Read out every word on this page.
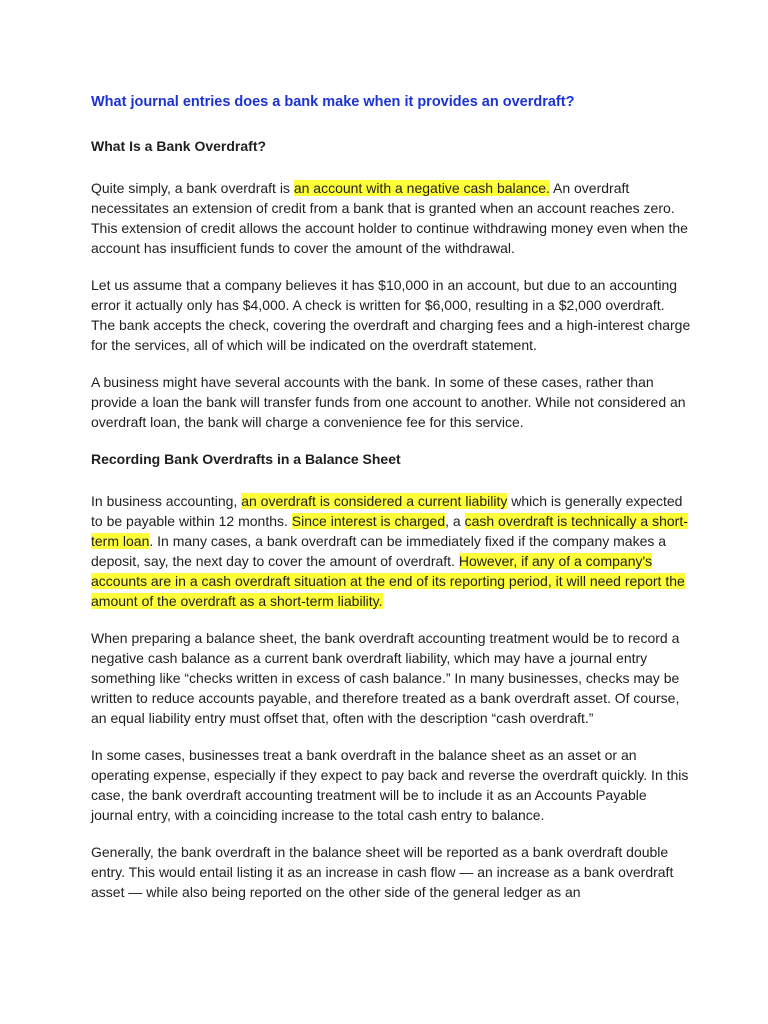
What journal entries does a bank make when it provides an overdraft?
What Is a Bank Overdraft?

Quite simply, a bank overdraft is an account with a negative cash balance. An overdraft necessitates an extension of credit from a bank that is granted when an account reaches zero. This extension of credit allows the account holder to continue withdrawing money even when the account has insufficient funds to cover the amount of the withdrawal.

Let us assume that a company believes it has $10,000 in an account, but due to an accounting error it actually only has $4,000. A check is written for $6,000, resulting in a $2,000 overdraft. The bank accepts the check, covering the overdraft and charging fees and a high-interest charge for the services, all of which will be indicated on the overdraft statement.

A business might have several accounts with the bank. In some of these cases, rather than provide a loan the bank will transfer funds from one account to another. While not considered an overdraft loan, the bank will charge a convenience fee for this service.

Recording Bank Overdrafts in a Balance Sheet

In business accounting, an overdraft is considered a current liability which is generally expected to be payable within 12 months. Since interest is charged, a cash overdraft is technically a short-term loan. In many cases, a bank overdraft can be immediately fixed if the company makes a deposit, say, the next day to cover the amount of overdraft. However, if any of a company's accounts are in a cash overdraft situation at the end of its reporting period, it will need report the amount of the overdraft as a short-term liability.

When preparing a balance sheet, the bank overdraft accounting treatment would be to record a negative cash balance as a current bank overdraft liability, which may have a journal entry something like “checks written in excess of cash balance.” In many businesses, checks may be written to reduce accounts payable, and therefore treated as a bank overdraft asset. Of course, an equal liability entry must offset that, often with the description “cash overdraft.”

In some cases, businesses treat a bank overdraft in the balance sheet as an asset or an operating expense, especially if they expect to pay back and reverse the overdraft quickly. In this case, the bank overdraft accounting treatment will be to include it as an Accounts Payable journal entry, with a coinciding increase to the total cash entry to balance.

Generally, the bank overdraft in the balance sheet will be reported as a bank overdraft double entry. This would entail listing it as an increase in cash flow — an increase as a bank overdraft asset — while also being reported on the other side of the general ledger as an
